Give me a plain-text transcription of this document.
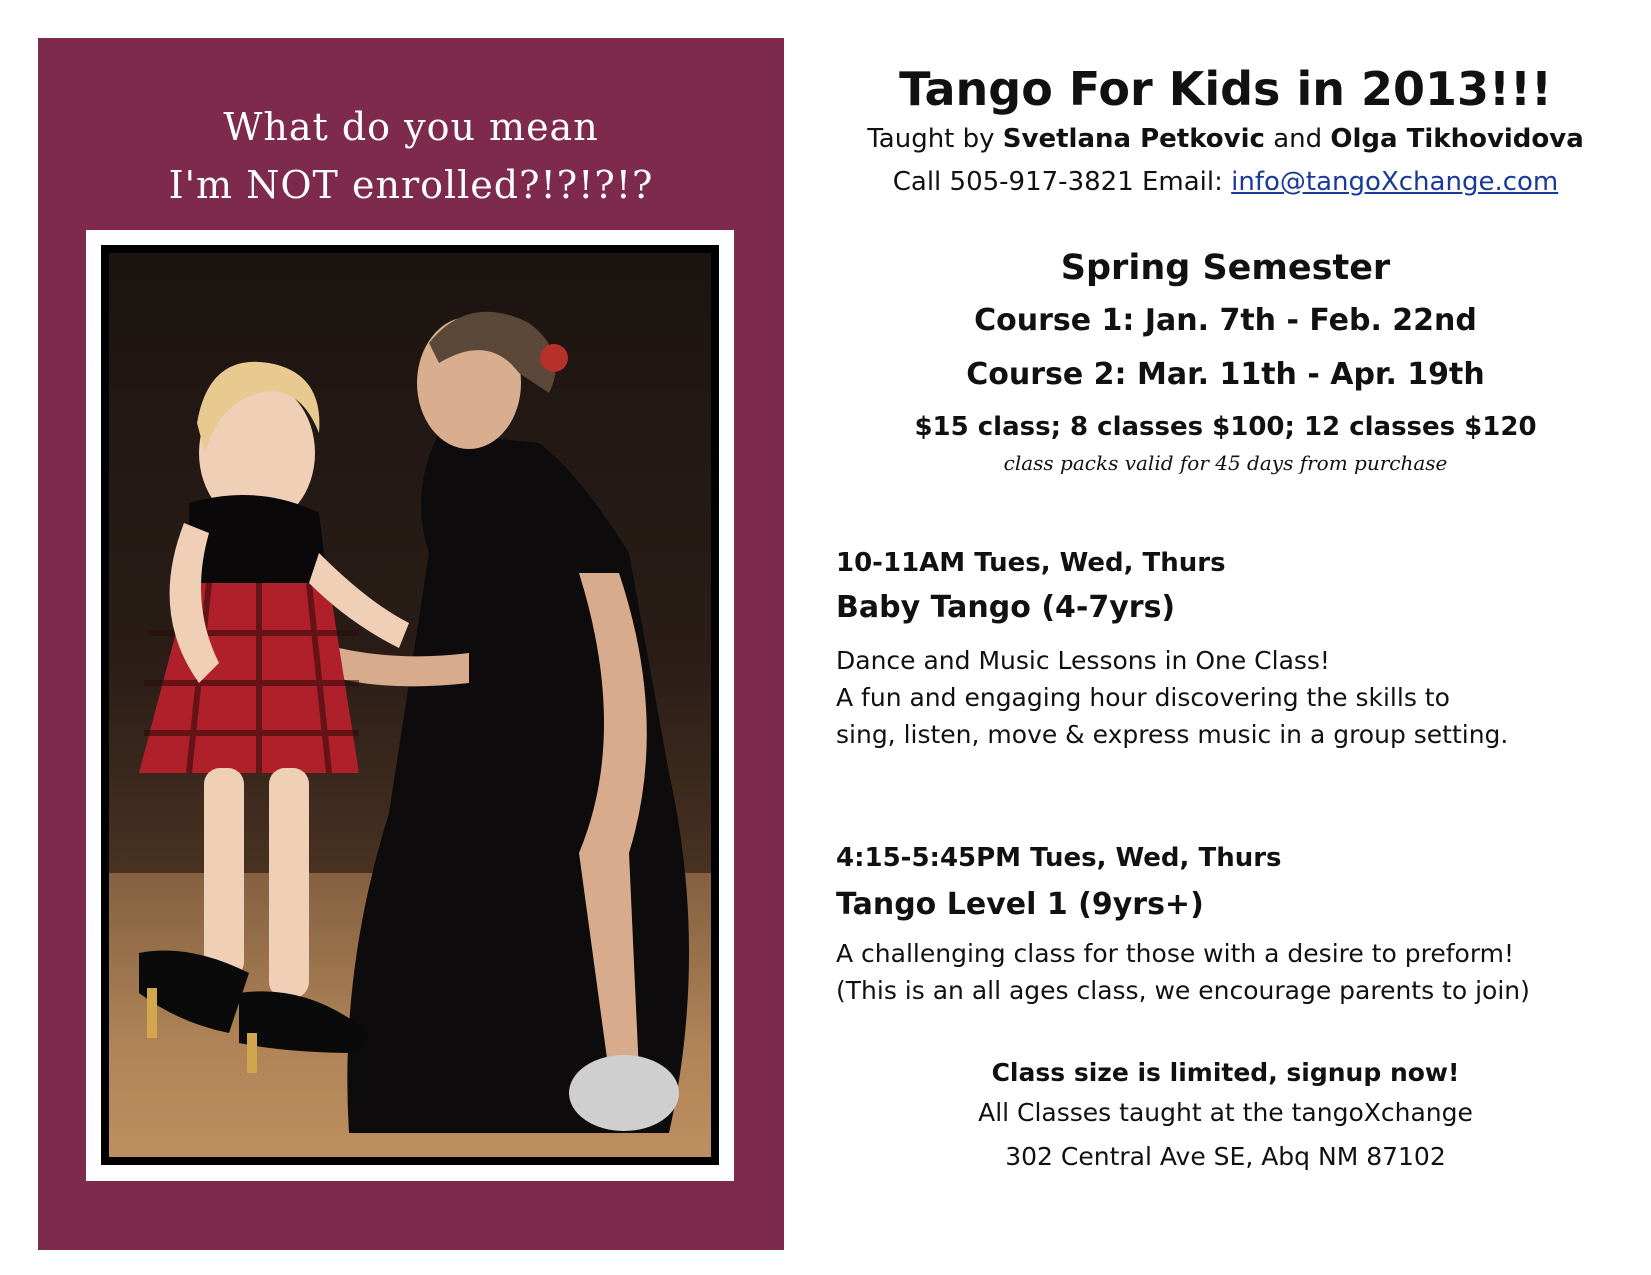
What do you mean
I'm NOT enrolled?!?!?!?
Tango For Kids in 2013!!!
Taught by Svetlana Petkovic and Olga Tikhovidova
Call 505-917-3821 Email: info@tangoXchange.com
Spring Semester
Course 1: Jan. 7th - Feb. 22nd
Course 2: Mar. 11th - Apr. 19th
$15 class; 8 classes $100; 12 classes $120
class packs valid for 45 days from purchase
10-11AM Tues, Wed, Thurs
Baby Tango (4-7yrs)
Dance and Music Lessons in One Class!
A fun and engaging hour discovering the skills to
sing, listen, move & express music in a group setting.
4:15-5:45PM Tues, Wed, Thurs
Tango Level 1 (9yrs+)
A challenging class for those with a desire to preform!
(This is an all ages class, we encourage parents to join)
Class size is limited, signup now!
All Classes taught at the tangoXchange
302 Central Ave SE, Abq NM 87102
